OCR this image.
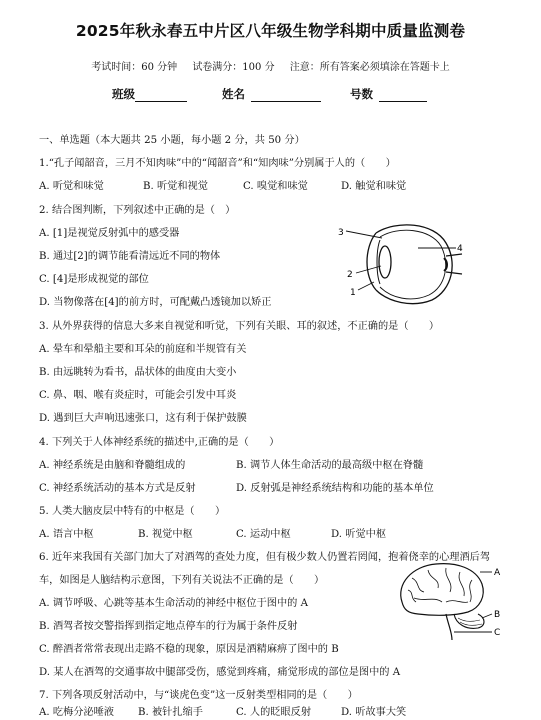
2025年秋永春五中片区八年级生物学科期中质量监测卷
考试时间：60 分钟 试卷满分：100 分 注意：所有答案必须填涂在答题卡上
班级	姓名	号数
一、单选题（本大题共 25 小题，每小题 2 分，共 50 分）
1.“孔子闻韶音，三月不知肉味”中的“闻韶音”和“知肉味”分别属于人的（　　）
A. 听觉和味觉	B. 听觉和视觉	C. 嗅觉和味觉	D. 触觉和味觉
2. 结合图判断，下列叙述中正确的是（　）
A. [1]是视觉反射弧中的感受器
B. 通过[2]的调节能看清远近不同的物体
C. [4]是形成视觉的部位
D. 当物像落在[4]的前方时，可配戴凸透镜加以矫正
3
4
2
1
3. 从外界获得的信息大多来自视觉和听觉，下列有关眼、耳的叙述，不正确的是（　　）
A. 晕车和晕船主要和耳朵的前庭和半规管有关
B. 由远眺转为看书，晶状体的曲度由大变小
C. 鼻、咽、喉有炎症时，可能会引发中耳炎
D. 遇到巨大声响迅速张口，这有利于保护鼓膜
4. 下列关于人体神经系统的描述中,正确的是（　　）
A. 神经系统是由脑和脊髓组成的	B. 调节人体生命活动的最高级中枢在脊髓
C. 神经系统活动的基本方式是反射	D. 反射弧是神经系统结构和功能的基本单位
5. 人类大脑皮层中特有的中枢是（　　）
A. 语言中枢	B. 视觉中枢	C. 运动中枢	D. 听觉中枢
6. 近年来我国有关部门加大了对酒驾的查处力度，但有极少数人仍置若罔闻，抱着侥幸的心理酒后驾
车，如图是人脑结构示意图，下列有关说法不正确的是（　　）
A. 调节呼吸、心跳等基本生命活动的神经中枢位于图中的 A
B. 酒驾者按交警指挥到指定地点停车的行为属于条件反射
C. 醉酒者常常表现出走路不稳的现象，原因是酒精麻痹了图中的 B
D. 某人在酒驾的交通事故中腿部受伤，感觉到疼痛，痛觉形成的部位是图中的 A
A
B
C
7. 下列各项反射活动中，与“谈虎色变”这一反射类型相同的是（　　）
A. 吃梅分泌唾液 B. 被针扎缩手	C. 人的眨眼反射	D. 听故事大笑
